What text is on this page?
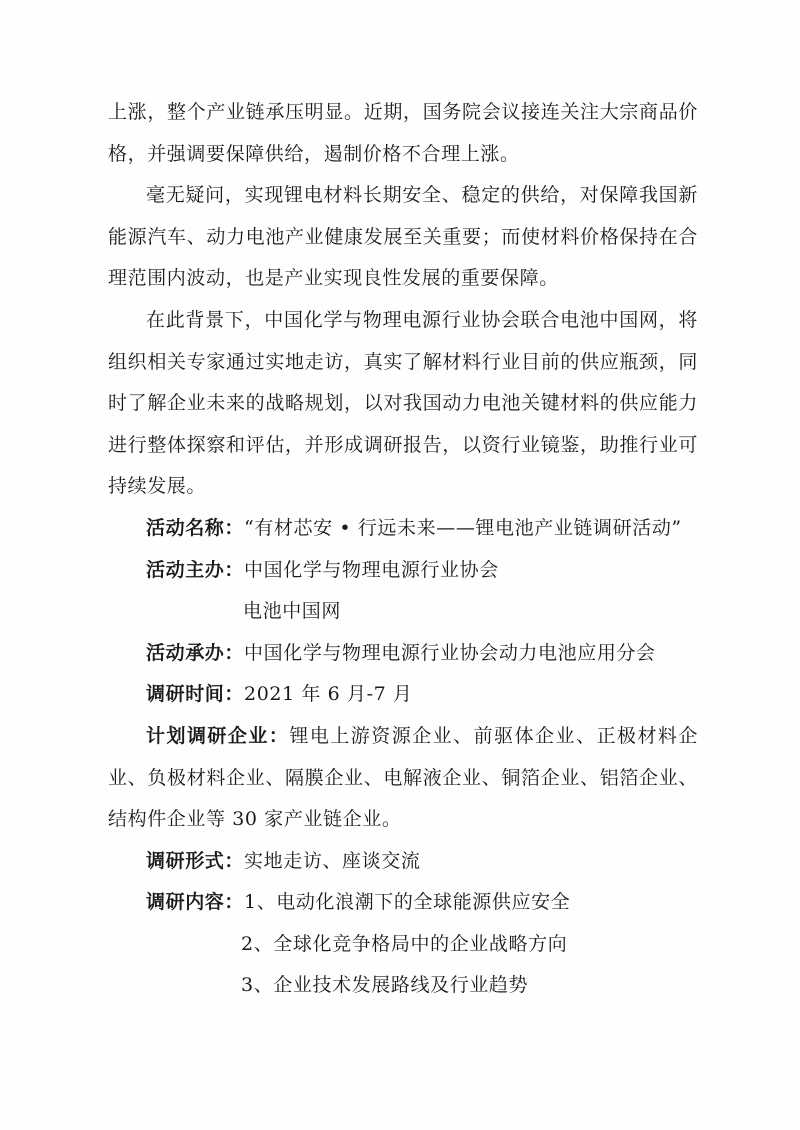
上涨，整个产业链承压明显。近期，国务院会议接连关注大宗商品价格，并强调要保障供给，遏制价格不合理上涨。

毫无疑问，实现锂电材料长期安全、稳定的供给，对保障我国新能源汽车、动力电池产业健康发展至关重要；而使材料价格保持在合理范围内波动，也是产业实现良性发展的重要保障。

在此背景下，中国化学与物理电源行业协会联合电池中国网，将组织相关专家通过实地走访，真实了解材料行业目前的供应瓶颈，同时了解企业未来的战略规划，以对我国动力电池关键材料的供应能力进行整体探察和评估，并形成调研报告，以资行业镜鉴，助推行业可持续发展。

活动名称：“有材芯安 • 行远未来——锂电池产业链调研活动”

活动主办：中国化学与物理电源行业协会

电池中国网

活动承办：中国化学与物理电源行业协会动力电池应用分会

调研时间：2021 年 6 月-7 月

计划调研企业：锂电上游资源企业、前驱体企业、正极材料企业、负极材料企业、隔膜企业、电解液企业、铜箔企业、铝箔企业、结构件企业等 30 家产业链企业。

调研形式：实地走访、座谈交流

调研内容：1、电动化浪潮下的全球能源供应安全

2、全球化竞争格局中的企业战略方向

3、企业技术发展路线及行业趋势
